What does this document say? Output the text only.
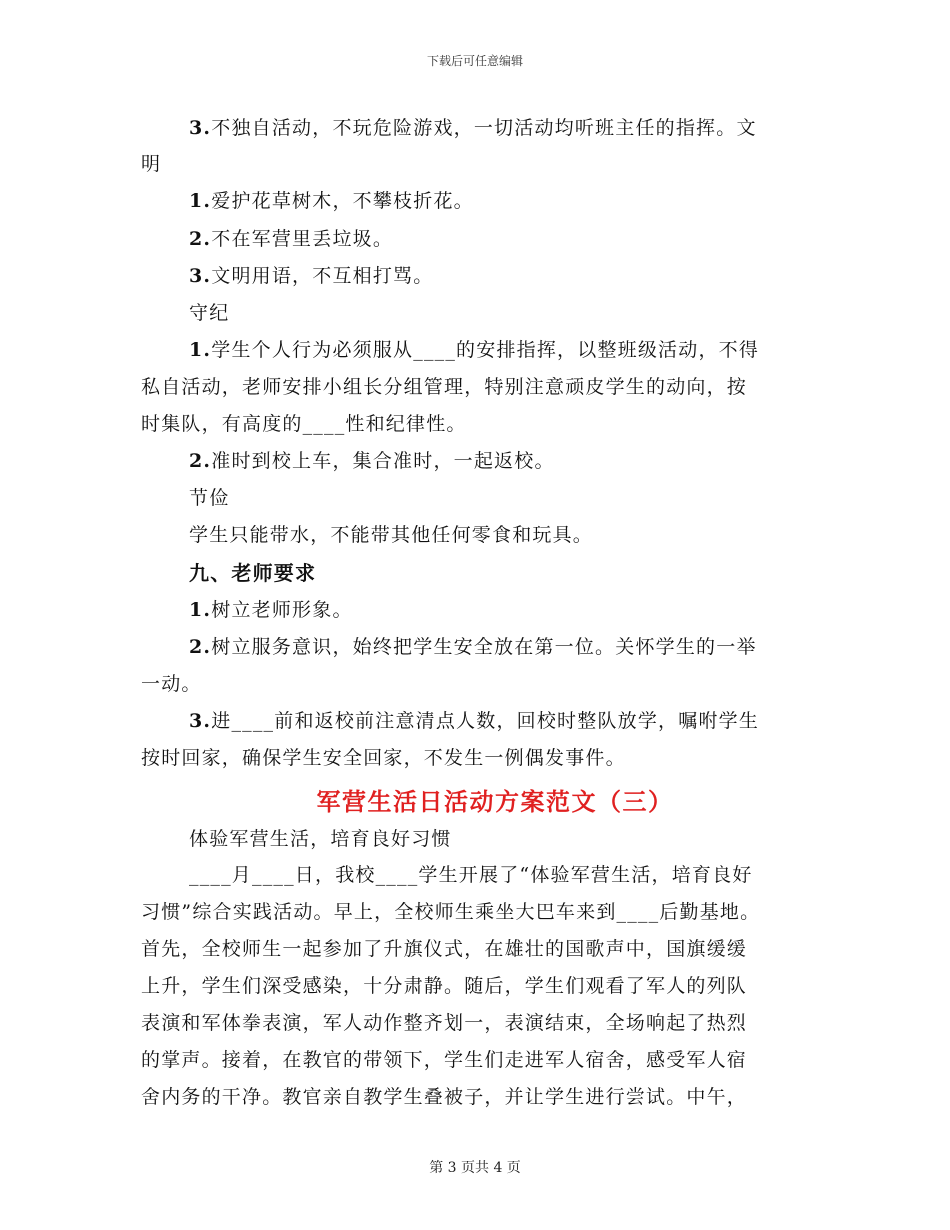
下载后可任意编辑
3.不独自活动，不玩危险游戏，一切活动均听班主任的指挥。文
明
1.爱护花草树木，不攀枝折花。
2.不在军营里丢垃圾。
3.文明用语，不互相打骂。
守纪
1.学生个人行为必须服从____的安排指挥，以整班级活动，不得
私自活动，老师安排小组长分组管理，特别注意顽皮学生的动向，按
时集队，有高度的____性和纪律性。
2.准时到校上车，集合准时，一起返校。
节俭
学生只能带水，不能带其他任何零食和玩具。
九、老师要求
1.树立老师形象。
2.树立服务意识，始终把学生安全放在第一位。关怀学生的一举
一动。
3.进____前和返校前注意清点人数，回校时整队放学，嘱咐学生
按时回家，确保学生安全回家，不发生一例偶发事件。
军营生活日活动方案范文（三）
体验军营生活，培育良好习惯
____月____日，我校____学生开展了“体验军营生活，培育良好
习惯”综合实践活动。早上，全校师生乘坐大巴车来到____后勤基地。
首先，全校师生一起参加了升旗仪式，在雄壮的国歌声中，国旗缓缓
上升，学生们深受感染，十分肃静。随后，学生们观看了军人的列队
表演和军体拳表演，军人动作整齐划一，表演结束，全场响起了热烈
的掌声。接着，在教官的带领下，学生们走进军人宿舍，感受军人宿
舍内务的干净。教官亲自教学生叠被子，并让学生进行尝试。中午，
第 3 页共 4 页
